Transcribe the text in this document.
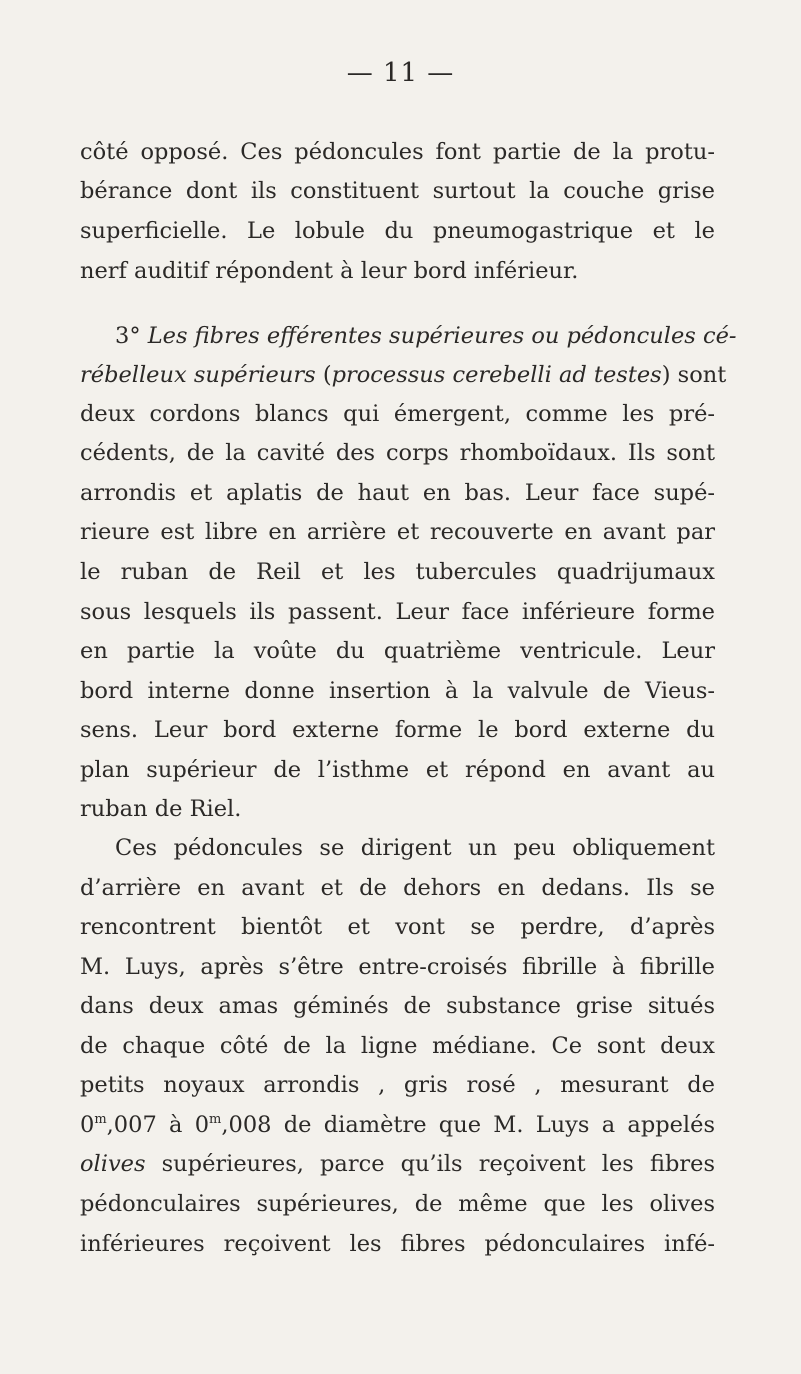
— 11 —
côté opposé. Ces pédoncules font partie de la protu-
bérance dont ils constituent surtout la couche grise
superficielle. Le lobule du pneumogastrique et le
nerf auditif répondent à leur bord inférieur.
3° Les fibres efférentes supérieures ou pédoncules cé-
rébelleux supérieurs (processus cerebelli ad testes) sont
deux cordons blancs qui émergent, comme les pré-
cédents, de la cavité des corps rhomboïdaux. Ils sont
arrondis et aplatis de haut en bas. Leur face supé-
rieure est libre en arrière et recouverte en avant par
le ruban de Reil et les tubercules quadrijumaux
sous lesquels ils passent. Leur face inférieure forme
en partie la voûte du quatrième ventricule. Leur
bord interne donne insertion à la valvule de Vieus-
sens. Leur bord externe forme le bord externe du
plan supérieur de l’isthme et répond en avant au
ruban de Riel.
Ces pédoncules se dirigent un peu obliquement
d’arrière en avant et de dehors en dedans. Ils se
rencontrent bientôt et vont se perdre, d’après
M. Luys, après s’être entre-croisés fibrille à fibrille
dans deux amas géminés de substance grise situés
de chaque côté de la ligne médiane. Ce sont deux
petits noyaux arrondis , gris rosé , mesurant de
0$^m$,007 à 0$^m$,008 de diamètre que M. Luys a appelés
olives supérieures, parce qu’ils reçoivent les fibres
pédonculaires supérieures, de même que les olives
inférieures reçoivent les fibres pédonculaires infé-
